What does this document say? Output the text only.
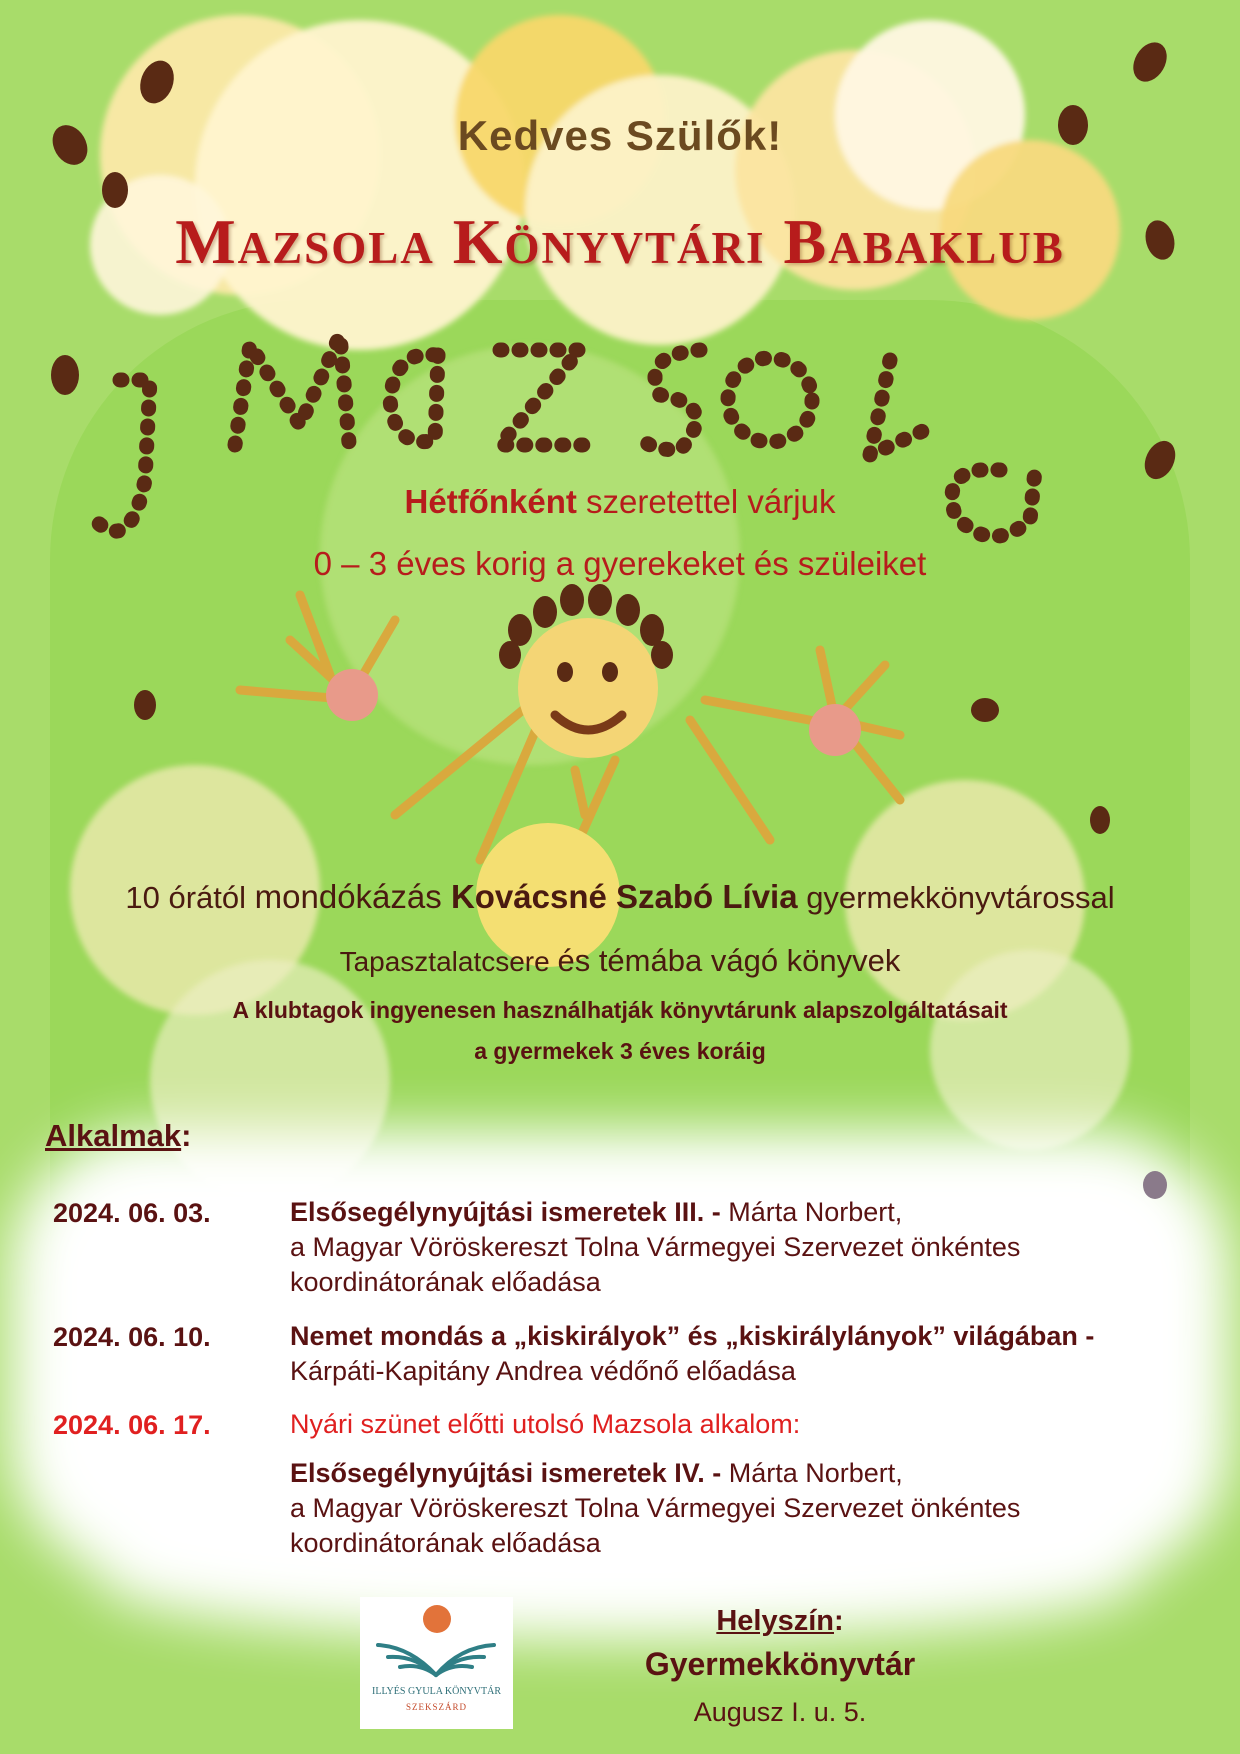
Kedves Szülők!
Mazsola Könyvtári Babaklub
Hétfőnként szeretettel várjuk
0 – 3 éves korig a gyerekeket és szüleiket
10 órától mondókázás Kovácsné Szabó Lívia gyermekkönyvtárossal
Tapasztalatcsere és témába vágó könyvek
A klubtagok ingyenesen használhatják könyvtárunk alapszolgáltatásait
a gyermekek 3 éves koráig
Alkalmak:
2024. 06. 03.	Elsősegélynyújtási ismeretek III. - Márta Norbert,
a Magyar Vöröskereszt Tolna Vármegyei Szervezet önkéntes
koordinátorának előadása
2024. 06. 10.	Nemet mondás a „kiskirályok” és „kiskirálylányok” világában -
Kárpáti-Kapitány Andrea védőnő előadása
2024. 06. 17.	Nyári szünet előtti utolsó Mazsola alkalom:
Elsősegélynyújtási ismeretek IV. - Márta Norbert,
a Magyar Vöröskereszt Tolna Vármegyei Szervezet önkéntes
koordinátorának előadása
ILLYÉS GYULA KÖNYVTÁR
SZEKSZÁRD
Helyszín:
Gyermekkönyvtár
Augusz I. u. 5.
